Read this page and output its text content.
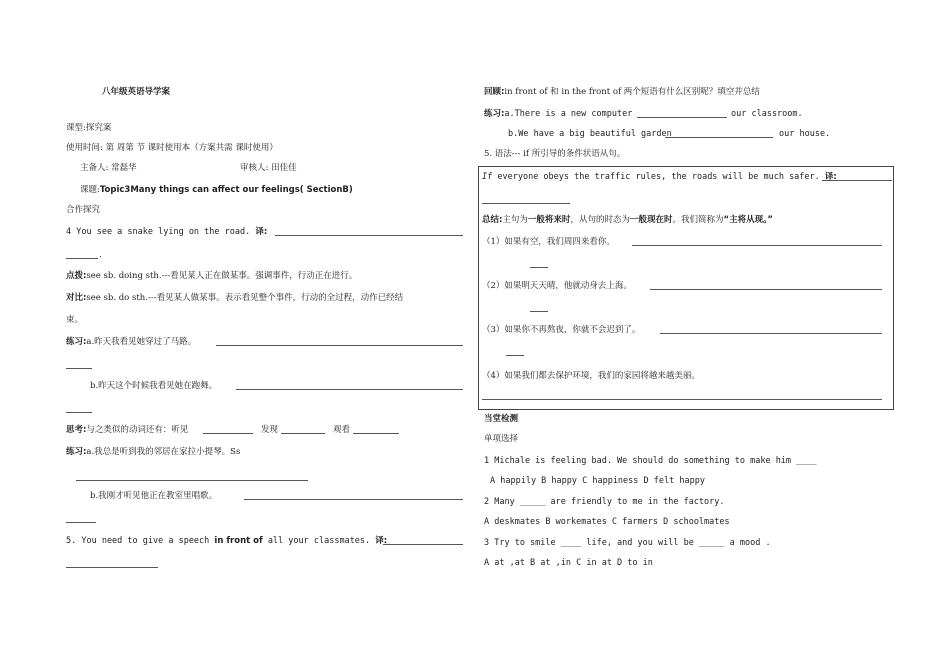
八年级英语导学案
课型:探究案
使用时间: 第 周第 节 课时使用本（方案共需 课时使用）
主备人: 常磊华	审核人: 田佳佳
课题:Topic3Many things can affect our feelings( SectionB)
合作探究
4 You see a snake lying on the road. 译:
.
点拨:see sb. doing sth.---看见某人正在做某事。强调事件，行动正在进行。
对比:see sb. do sth.---看见某人做某事。表示看见整个事件，行动的全过程，动作已经结
束。
练习:a.昨天我看见她穿过了马路。
b.昨天这个时候我看见她在跑舞。
思考:与之类似的动词还有：听见	发现	观看
练习:a.我总是听到我的邻居在家拉小提琴。Ss
b.我刚才听见他正在教室里唱歌。
5. You need to give a speech in front of all your classmates. 译:
回顾:in front of 和 in the front of 两个短语有什么区别呢？填空并总结
练习:a.There is a new computer	our classroom.
b.We have a big beautiful garden	our house.
5. 语法--- if 所引导的条件状语从句。
If everyone obeys the traffic rules, the roads will be much safer. 译:
总结:主句为一般将来时，从句的时态为一般现在时。我们简称为“主将从现。”
（1）如果有空，我们周四来看你。
（2）如果明天天晴，他就动身去上海。
（3）如果你不再熬夜，你就不会迟到了。
（4）如果我们都去保护环境，我们的家园将越来越美丽。
当堂检测
单项选择
1 Michale is feeling bad. We should do something to make him ____
A happily B happy C happiness D felt happy
2 Many _____ are friendly to me in the factory.
A deskmates B workemates C farmers D schoolmates
3 Try to smile ____ life, and you will be _____ a mood .
A at ,at B at ,in C in at D to in
